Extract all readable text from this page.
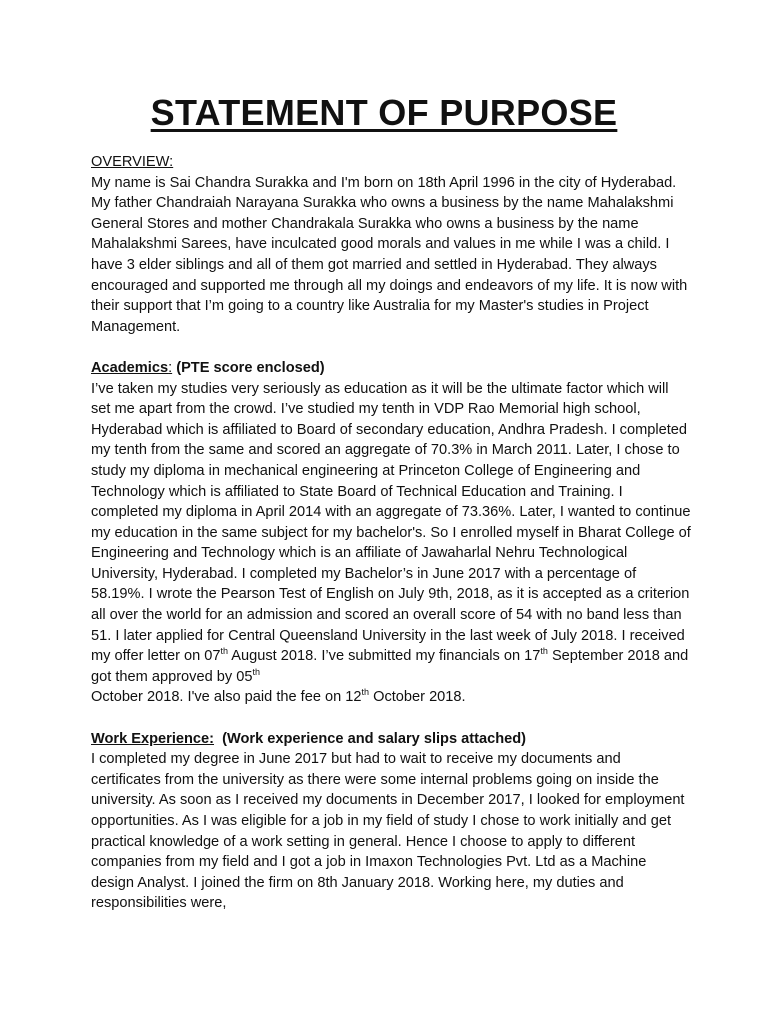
STATEMENT OF PURPOSE

OVERVIEW:

My name is Sai Chandra Surakka and I'm born on 18th April 1996 in the city of Hyderabad. My father Chandraiah Narayana Surakka who owns a business by the name Mahalakshmi General Stores and mother Chandrakala Surakka who owns a business by the name Mahalakshmi Sarees, have inculcated good morals and values in me while I was a child. I have 3 elder siblings and all of them got married and settled in Hyderabad. They always encouraged and supported me through all my doings and endeavors of my life. It is now with their support that I’m going to a country like Australia for my Master's studies in Project Management.

Academics: (PTE score enclosed)

I’ve taken my studies very seriously as education as it will be the ultimate factor which will set me apart from the crowd. I’ve studied my tenth in VDP Rao Memorial high school, Hyderabad which is affiliated to Board of secondary education, Andhra Pradesh. I completed my tenth from the same and scored an aggregate of 70.3% in March 2011. Later, I chose to study my diploma in mechanical engineering at Princeton College of Engineering and Technology which is affiliated to State Board of Technical Education and Training. I completed my diploma in April 2014 with an aggregate of 73.36%. Later, I wanted to continue my education in the same subject for my bachelor's. So I enrolled myself in Bharat College of Engineering and Technology which is an affiliate of Jawaharlal Nehru Technological University, Hyderabad. I completed my Bachelor’s in June 2017 with a percentage of 58.19%. I wrote the Pearson Test of English on July 9th, 2018, as it is accepted as a criterion all over the world for an admission and scored an overall score of 54 with no band less than 51. I later applied for Central Queensland University in the last week of July 2018. I received my offer letter on 07th August 2018. I’ve submitted my financials on 17th September 2018 and got them approved by 05th
October 2018. I've also paid the fee on 12th October 2018.

Work Experience: (Work experience and salary slips attached)

I completed my degree in June 2017 but had to wait to receive my documents and certificates from the university as there were some internal problems going on inside the university. As soon as I received my documents in December 2017, I looked for employment opportunities. As I was eligible for a job in my field of study I chose to work initially and get practical knowledge of a work setting in general. Hence I choose to apply to different companies from my field and I got a job in Imaxon Technologies Pvt. Ltd as a Machine design Analyst. I joined the firm on 8th January 2018. Working here, my duties and responsibilities were,
